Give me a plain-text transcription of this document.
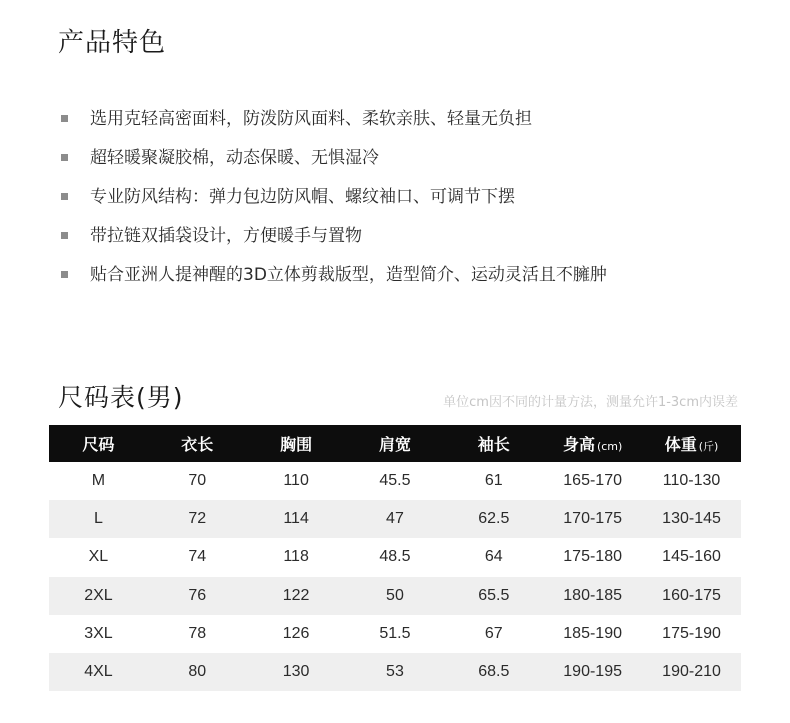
产品特色
选用克轻高密面料，防泼防风面料、柔软亲肤、轻量无负担
超轻暖聚凝胶棉，动态保暖、无惧湿冷
专业防风结构：弹力包边防风帽、螺纹袖口、可调节下摆
带拉链双插袋设计，方便暖手与置物
贴合亚洲人提神醒的3D立体剪裁版型，造型简介、运动灵活且不臃肿
尺码表(男)	单位cm因不同的计量方法，测量允许1-3cm内误差
尺码	衣长	胸围	肩宽	袖长	身高 (cm)	体重 (斤)
M	70	110	45.5	61	165-170	110-130
L	72	114	47	62.5	170-175	130-145
XL	74	118	48.5	64	175-180	145-160
2XL	76	122	50	65.5	180-185	160-175
3XL	78	126	51.5	67	185-190	175-190
4XL	80	130	53	68.5	190-195	190-210
